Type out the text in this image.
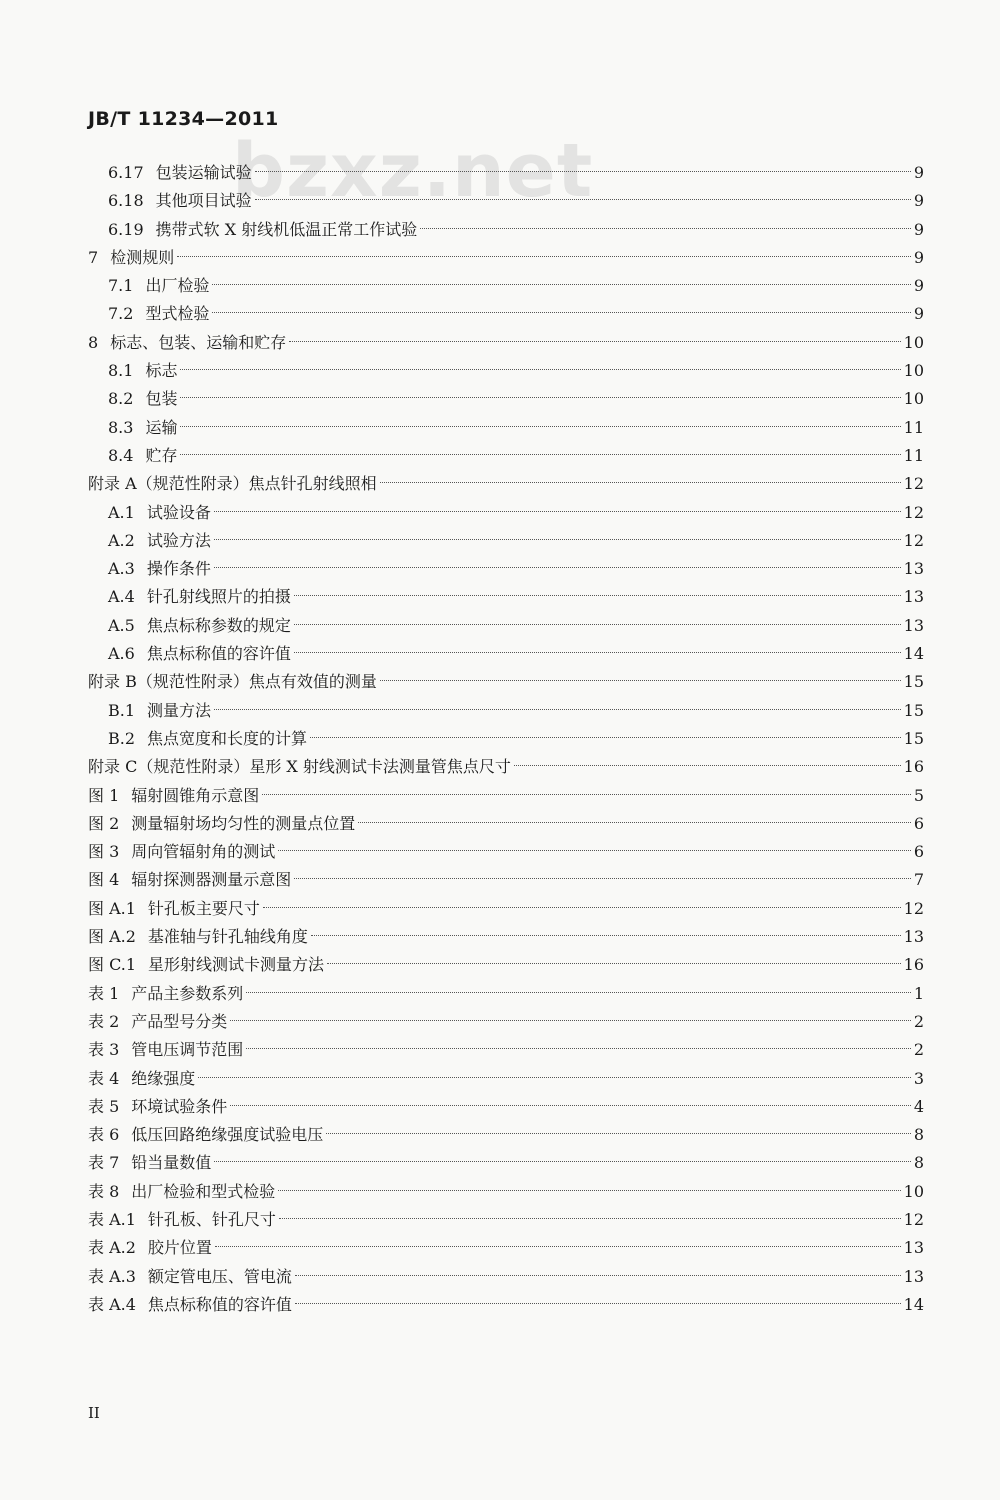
JB/T 11234—2011
bzxz.net
6.17 包装运输试验	9
6.18 其他项目试验	9
6.19 携带式软 X 射线机低温正常工作试验	9
7 检测规则	9
7.1 出厂检验	9
7.2 型式检验	9
8 标志、包装、运输和贮存	10
8.1 标志	10
8.2 包装	10
8.3 运输	11
8.4 贮存	11
附录 A（规范性附录）焦点针孔射线照相	12
A.1 试验设备	12
A.2 试验方法	12
A.3 操作条件	13
A.4 针孔射线照片的拍摄	13
A.5 焦点标称参数的规定	13
A.6 焦点标称值的容许值	14
附录 B（规范性附录）焦点有效值的测量	15
B.1 测量方法	15
B.2 焦点宽度和长度的计算	15
附录 C（规范性附录）星形 X 射线测试卡法测量管焦点尺寸	16
图 1 辐射圆锥角示意图	5
图 2 测量辐射场均匀性的测量点位置	6
图 3 周向管辐射角的测试	6
图 4 辐射探测器测量示意图	7
图 A.1 针孔板主要尺寸	12
图 A.2 基准轴与针孔轴线角度	13
图 C.1 星形射线测试卡测量方法	16
表 1 产品主参数系列	1
表 2 产品型号分类	2
表 3 管电压调节范围	2
表 4 绝缘强度	3
表 5 环境试验条件	4
表 6 低压回路绝缘强度试验电压	8
表 7 铅当量数值	8
表 8 出厂检验和型式检验	10
表 A.1 针孔板、针孔尺寸	12
表 A.2 胶片位置	13
表 A.3 额定管电压、管电流	13
表 A.4 焦点标称值的容许值	14
II
